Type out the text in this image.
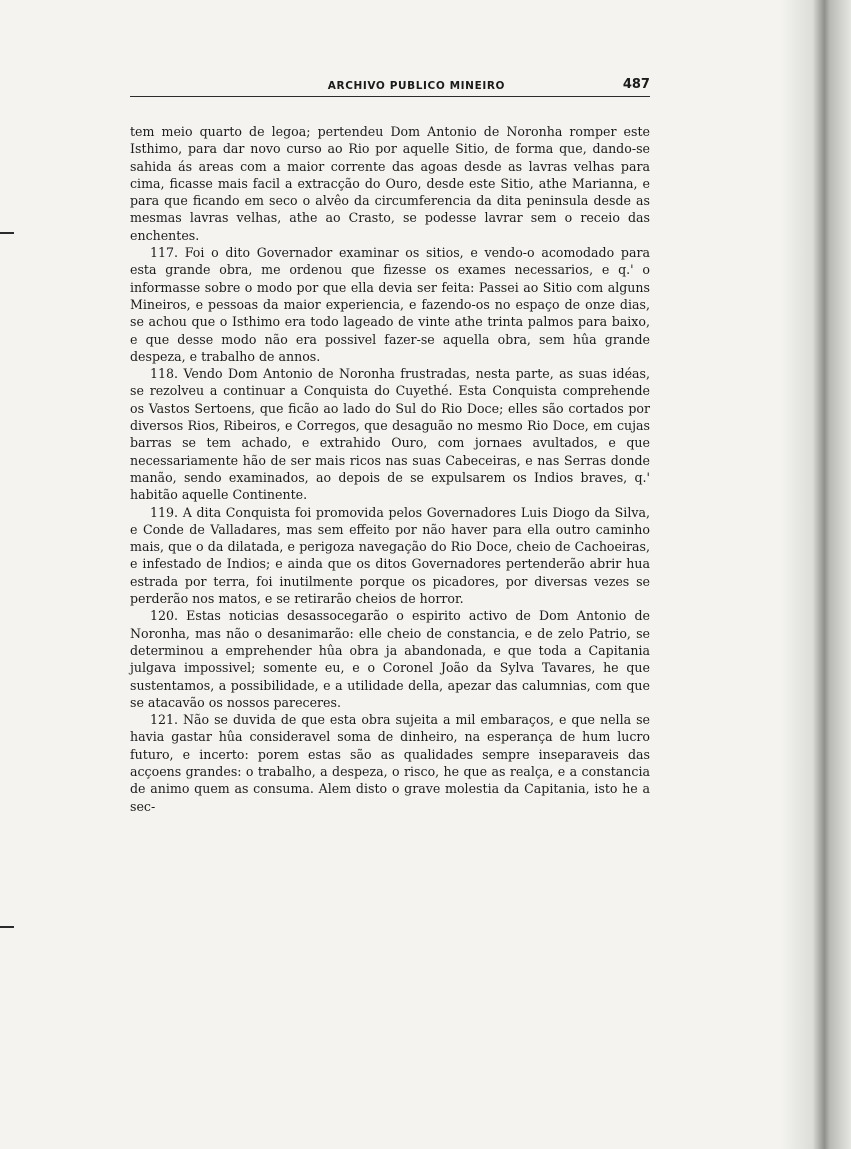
ARCHIVO PUBLICO MINEIRO	487

tem meio quarto de legoa; pertendeu Dom Antonio de Noronha romper este Isthimo, para dar novo curso ao Rio por aquelle Sitio, de forma que, dando-se sahida ás areas com a maior corrente das agoas desde as lavras velhas para cima, ficasse mais facil a extracção do Ouro, desde este Sitio, athe Marianna, e para que ficando em seco o alvêo da circumferencia da dita peninsula desde as mesmas lavras velhas, athe ao Crasto, se podesse lavrar sem o receio das enchentes.

117. Foi o dito Governador examinar os sitios, e vendo-o acomodado para esta grande obra, me ordenou que fizesse os exames necessarios, e q.' o informasse sobre o modo por que ella devia ser feita: Passei ao Sitio com alguns Mineiros, e pessoas da maior experiencia, e fazendo-os no espaço de onze dias, se achou que o Isthimo era todo lageado de vinte athe trinta palmos para baixo, e que desse modo não era possivel fazer-se aquella obra, sem hûa grande despeza, e trabalho de annos.

118. Vendo Dom Antonio de Noronha frustradas, nesta parte, as suas idéas, se rezolveu a continuar a Conquista do Cuyethé. Esta Conquista comprehende os Vastos Sertoens, que ficão ao lado do Sul do Rio Doce; elles são cortados por diversos Rios, Ribeiros, e Corregos, que desaguão no mesmo Rio Doce, em cujas barras se tem achado, e extrahido Ouro, com jornaes avultados, e que necessariamente hão de ser mais ricos nas suas Cabeceiras, e nas Serras donde manão, sendo examinados, ao depois de se expulsarem os Indios braves, q.' habitão aquelle Continente.

119. A dita Conquista foi promovida pelos Governadores Luis Diogo da Silva, e Conde de Valladares, mas sem effeito por não haver para ella outro caminho mais, que o da dilatada, e perigoza navegação do Rio Doce, cheio de Cachoeiras, e infestado de Indios; e ainda que os ditos Governadores pertenderão abrir hua estrada por terra, foi inutilmente porque os picadores, por diversas vezes se perderão nos matos, e se retirarão cheios de horror.

120. Estas noticias desassocegarão o espirito activo de Dom Antonio de Noronha, mas não o desanimarão: elle cheio de constancia, e de zelo Patrio, se determinou a emprehender hûa obra ja abandonada, e que toda a Capitania julgava impossivel; somente eu, e o Coronel João da Sylva Tavares, he que sustentamos, a possibilidade, e a utilidade della, apezar das calumnias, com que se atacavão os nossos pareceres.

121. Não se duvida de que esta obra sujeita a mil embaraços, e que nella se havia gastar hûa consideravel soma de dinheiro, na esperança de hum lucro futuro, e incerto: porem estas são as qualidades sempre inseparaveis das acçoens grandes: o trabalho, a despeza, o risco, he que as realça, e a constancia de animo quem as consuma. Alem disto o grave molestia da Capitania, isto he a sec-
